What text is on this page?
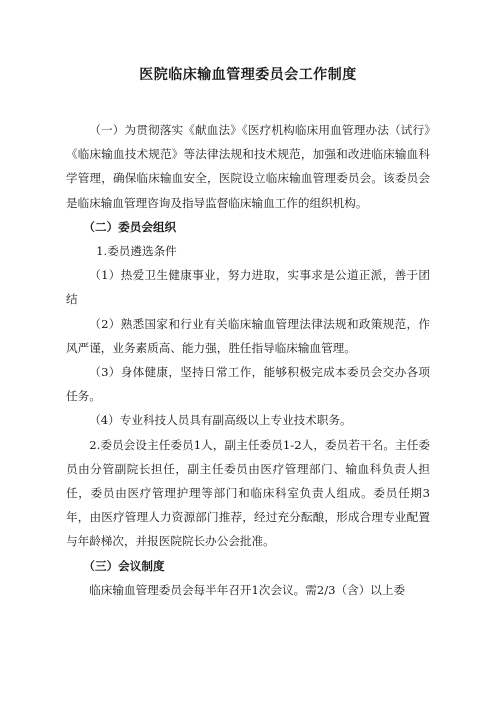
医院临床输血管理委员会工作制度

（一）为贯彻落实《献血法》《医疗机构临床用血管理办法（试行》《临床输血技术规范》等法律法规和技术规范，加强和改进临床输血科学管理，确保临床输血安全，医院设立临床输血管理委员会。该委员会是临床输血管理咨询及指导监督临床输血工作的组织机构。

（二）委员会组织

1.委员遴选条件

（1）热爱卫生健康事业，努力进取，实事求是公道正派，善于团结

（2）熟悉国家和行业有关临床输血管理法律法规和政策规范，作风严谨，业务素质高、能力强，胜任指导临床输血管理。

（3）身体健康，坚持日常工作，能够积极完成本委员会交办各项任务。

（4）专业科技人员具有副高级以上专业技术职务。

2.委员会设主任委员1人，副主任委员1-2人，委员若干名。主任委员由分管副院长担任，副主任委员由医疗管理部门、输血科负责人担任，委员由医疗管理护理等部门和临床科室负责人组成。委员任期3年，由医疗管理人力资源部门推荐，经过充分酝酿，形成合理专业配置与年龄梯次，并报医院院长办公会批准。

（三）会议制度

临床输血管理委员会每半年召开1次会议。需2/3（含）以上委
